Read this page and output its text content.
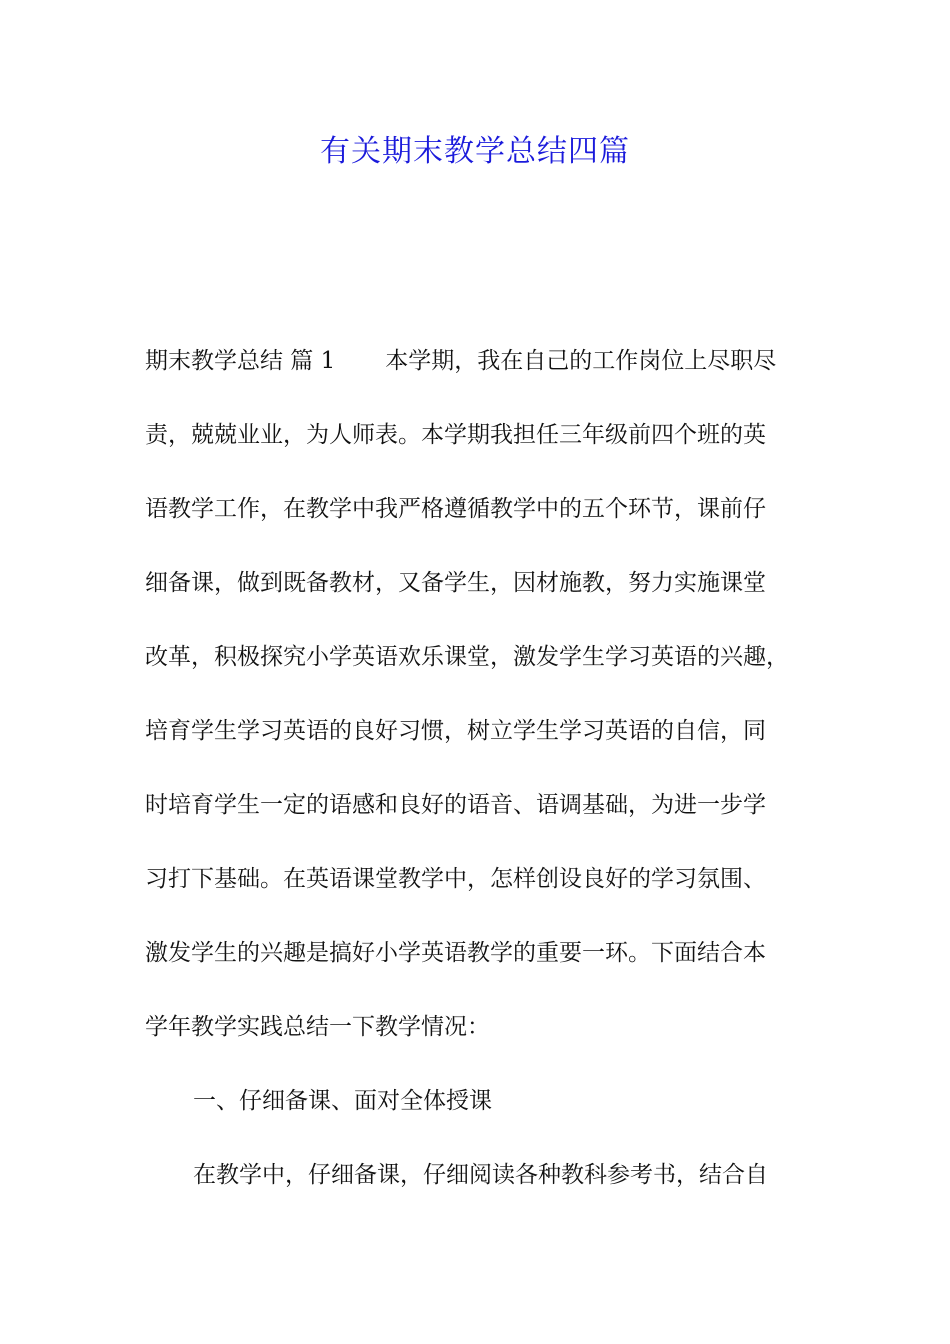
有关期末教学总结四篇
期末教学总结 篇 1 本学期，我在自己的工作岗位上尽职尽
责，兢兢业业，为人师表。本学期我担任三年级前四个班的英
语教学工作，在教学中我严格遵循教学中的五个环节，课前仔
细备课，做到既备教材，又备学生，因材施教，努力实施课堂
改革，积极探究小学英语欢乐课堂，激发学生学习英语的兴趣，
培育学生学习英语的良好习惯，树立学生学习英语的自信，同
时培育学生一定的语感和良好的语音、语调基础，为进一步学
习打下基础。在英语课堂教学中，怎样创设良好的学习氛围、
激发学生的兴趣是搞好小学英语教学的重要一环。下面结合本
学年教学实践总结一下教学情况：
一、仔细备课、面对全体授课
在教学中，仔细备课，仔细阅读各种教科参考书，结合自
